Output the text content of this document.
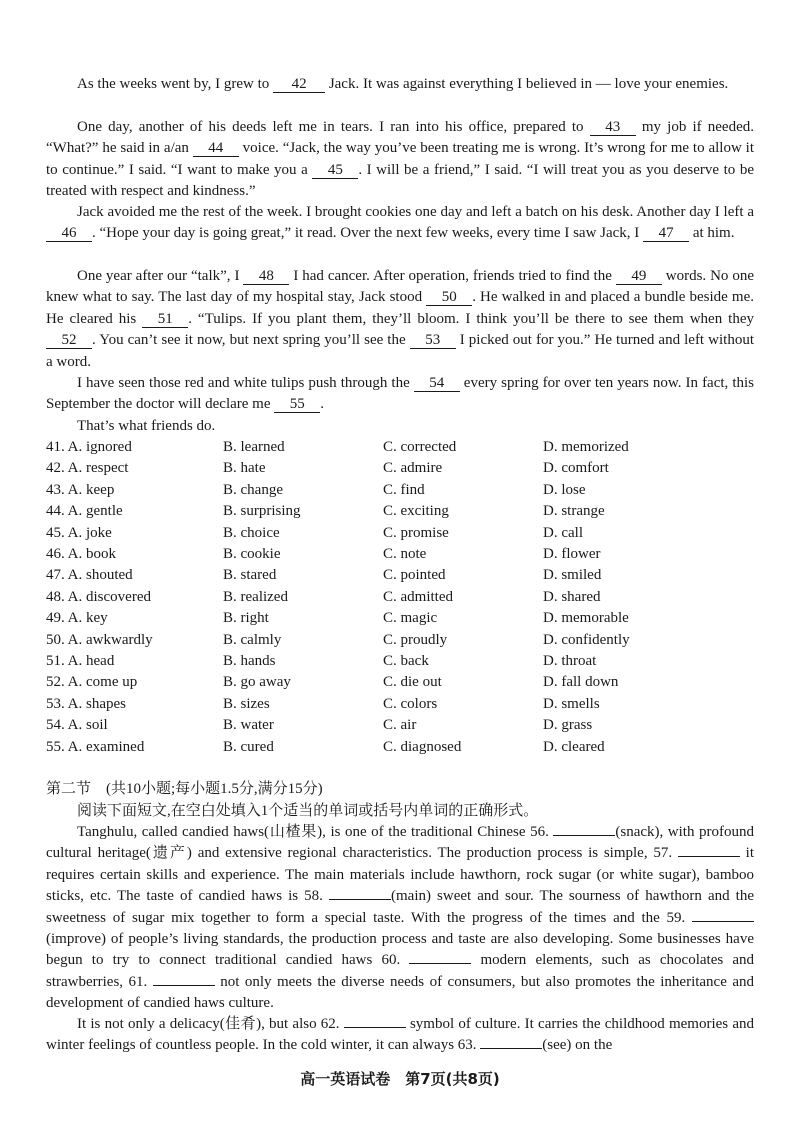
As the weeks went by, I grew to 42 Jack. It was against everything I believed in — love your enemies.

One day, another of his deeds left me in tears. I ran into his office, prepared to 43 my job if needed. “What?” he said in a/an 44 voice. “Jack, the way you’ve been treating me is wrong. It’s wrong for me to allow it to continue.” I said. “I want to make you a 45 . I will be a friend,” I said. “I will treat you as you deserve to be treated with respect and kindness.”

Jack avoided me the rest of the week. I brought cookies one day and left a batch on his desk. Another day I left a 46 . “Hope your day is going great,” it read. Over the next few weeks, every time I saw Jack, I 47 at him.

One year after our “talk”, I 48 I had cancer. After operation, friends tried to find the 49 words. No one knew what to say. The last day of my hospital stay, Jack stood 50 . He walked in and placed a bundle beside me. He cleared his 51 . “Tulips. If you plant them, they’ll bloom. I think you’ll be there to see them when they 52 . You can’t see it now, but next spring you’ll see the 53 I picked out for you.” He turned and left without a word.

I have seen those red and white tulips push through the 54 every spring for over ten years now. In fact, this September the doctor will declare me 55 .

That’s what friends do.

41. A. ignored	B. learned	C. corrected	D. memorized
42. A. respect	B. hate	C. admire	D. comfort
43. A. keep	B. change	C. find	D. lose
44. A. gentle	B. surprising	C. exciting	D. strange
45. A. joke	B. choice	C. promise	D. call
46. A. book	B. cookie	C. note	D. flower
47. A. shouted	B. stared	C. pointed	D. smiled
48. A. discovered	B. realized	C. admitted	D. shared
49. A. key	B. right	C. magic	D. memorable
50. A. awkwardly	B. calmly	C. proudly	D. confidently
51. A. head	B. hands	C. back	D. throat
52. A. come up	B. go away	C. die out	D. fall down
53. A. shapes	B. sizes	C. colors	D. smells
54. A. soil	B. water	C. air	D. grass
55. A. examined	B. cured	C. diagnosed	D. cleared
第二节　(共10小题;每小题1.5分,满分15分)
阅读下面短文,在空白处填入1个适当的单词或括号内单词的正确形式。

Tanghulu, called candied haws(山楂果), is one of the traditional Chinese 56.	(snack), with profound cultural heritage(遗产) and extensive regional characteristics. The production process is simple, 57.	it requires certain skills and experience. The main materials include hawthorn, rock sugar (or white sugar), bamboo sticks, etc. The taste of candied haws is 58.	(main) sweet and sour. The sourness of hawthorn and the sweetness of sugar mix together to form a special taste. With the progress of the times and the 59. (improve) of people’s living standards, the production process and taste are also developing. Some businesses have begun to try to connect traditional candied haws 60.	modern elements, such as chocolates and strawberries, 61.	not only meets the diverse needs of consumers, but also promotes the inheritance and development of candied haws culture.

It is not only a delicacy(佳肴), but also 62.	symbol of culture. It carries the childhood memories and winter feelings of countless people. In the cold winter, it can always 63.	(see) on the

高一英语试卷　第7页(共8页)
